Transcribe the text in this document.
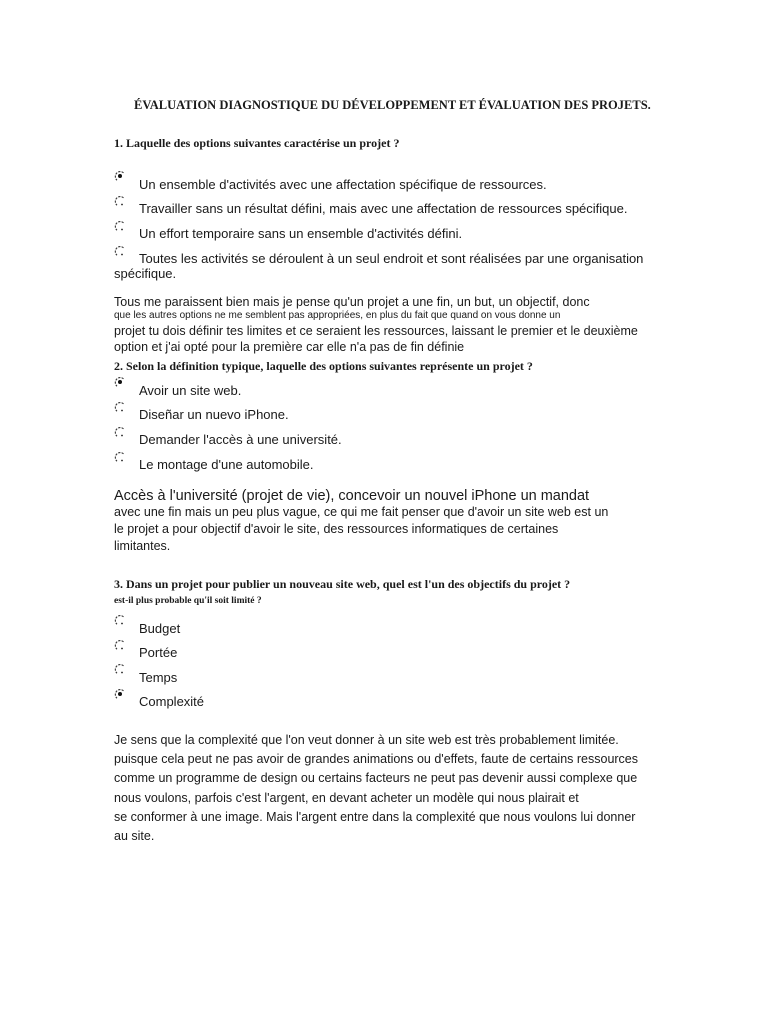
ÉVALUATION DIAGNOSTIQUE DU DÉVELOPPEMENT ET ÉVALUATION DES PROJETS.
1. Laquelle des options suivantes caractérise un projet ?
Un ensemble d'activités avec une affectation spécifique de ressources.
Travailler sans un résultat défini, mais avec une affectation de ressources spécifique.
Un effort temporaire sans un ensemble d'activités défini.
Toutes les activités se déroulent à un seul endroit et sont réalisées par une organisation
spécifique.
Tous me paraissent bien mais je pense qu'un projet a une fin, un but, un objectif, donc
que les autres options ne me semblent pas appropriées, en plus du fait que quand on vous donne un
projet tu dois définir tes limites et ce seraient les ressources, laissant le premier et le deuxième
option et j'ai opté pour la première car elle n'a pas de fin définie
2. Selon la définition typique, laquelle des options suivantes représente un projet ?
Avoir un site web.
Diseñar un nuevo iPhone.
Demander l'accès à une université.
Le montage d'une automobile.
Accès à l'université (projet de vie), concevoir un nouvel iPhone un mandat
avec une fin mais un peu plus vague, ce qui me fait penser que d'avoir un site web est un
le projet a pour objectif d'avoir le site, des ressources informatiques de certaines
limitantes.
3. Dans un projet pour publier un nouveau site web, quel est l'un des objectifs du projet ?
est-il plus probable qu'il soit limité ?
Budget
Portée
Temps
Complexité
Je sens que la complexité que l'on veut donner à un site web est très probablement limitée.
puisque cela peut ne pas avoir de grandes animations ou d'effets, faute de certains ressources
comme un programme de design ou certains facteurs ne peut pas devenir aussi complexe que
nous voulons, parfois c'est l'argent, en devant acheter un modèle qui nous plairait et
se conformer à une image. Mais l'argent entre dans la complexité que nous voulons lui donner
au site.
